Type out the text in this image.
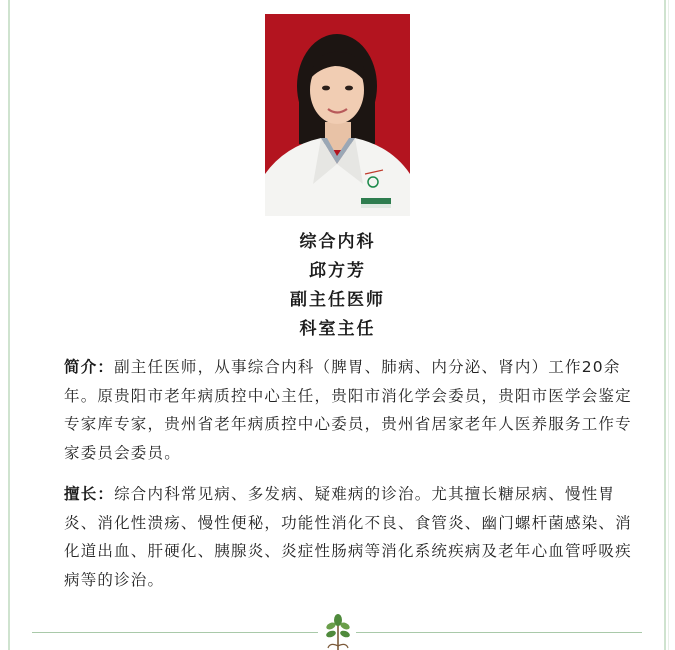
综合内科
邱方芳
副主任医师
科室主任
简介：副主任医师，从事综合内科（脾胃、肺病、内分泌、肾内）工作20余年。原贵阳市老年病质控中心主任，贵阳市消化学会委员，贵阳市医学会鉴定专家库专家，贵州省老年病质控中心委员，贵州省居家老年人医养服务工作专家委员会委员。
擅长：综合内科常见病、多发病、疑难病的诊治。尤其擅长糖尿病、慢性胃炎、消化性溃疡、慢性便秘，功能性消化不良、食管炎、幽门螺杆菌感染、消化道出血、肝硬化、胰腺炎、炎症性肠病等消化系统疾病及老年心血管呼吸疾病等的诊治。
